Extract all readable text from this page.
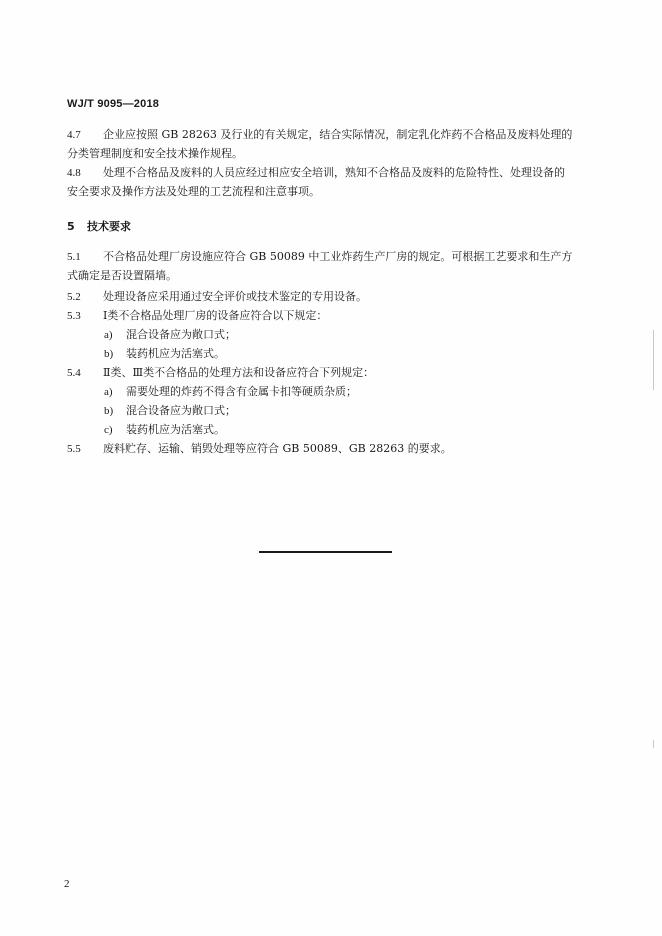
WJ/T 9095—2018
4.7 企业应按照 GB 28263 及行业的有关规定，结合实际情况，制定乳化炸药不合格品及废料处理的
分类管理制度和安全技术操作规程。
4.8 处理不合格品及废料的人员应经过相应安全培训，熟知不合格品及废料的危险特性、处理设备的
安全要求及操作方法及处理的工艺流程和注意事项。
5 技术要求
5.1 不合格品处理厂房设施应符合 GB 50089 中工业炸药生产厂房的规定。可根据工艺要求和生产方
式确定是否设置隔墙。
5.2 处理设备应采用通过安全评价或技术鉴定的专用设备。
5.3 Ⅰ类不合格品处理厂房的设备应符合以下规定：
a) 混合设备应为敞口式；
b) 装药机应为活塞式。
5.4 Ⅱ类、Ⅲ类不合格品的处理方法和设备应符合下列规定：
a) 需要处理的炸药不得含有金属卡扣等硬质杂质；
b) 混合设备应为敞口式；
c) 装药机应为活塞式。
5.5 废料贮存、运输、销毁处理等应符合 GB 50089、GB 28263 的要求。
2
